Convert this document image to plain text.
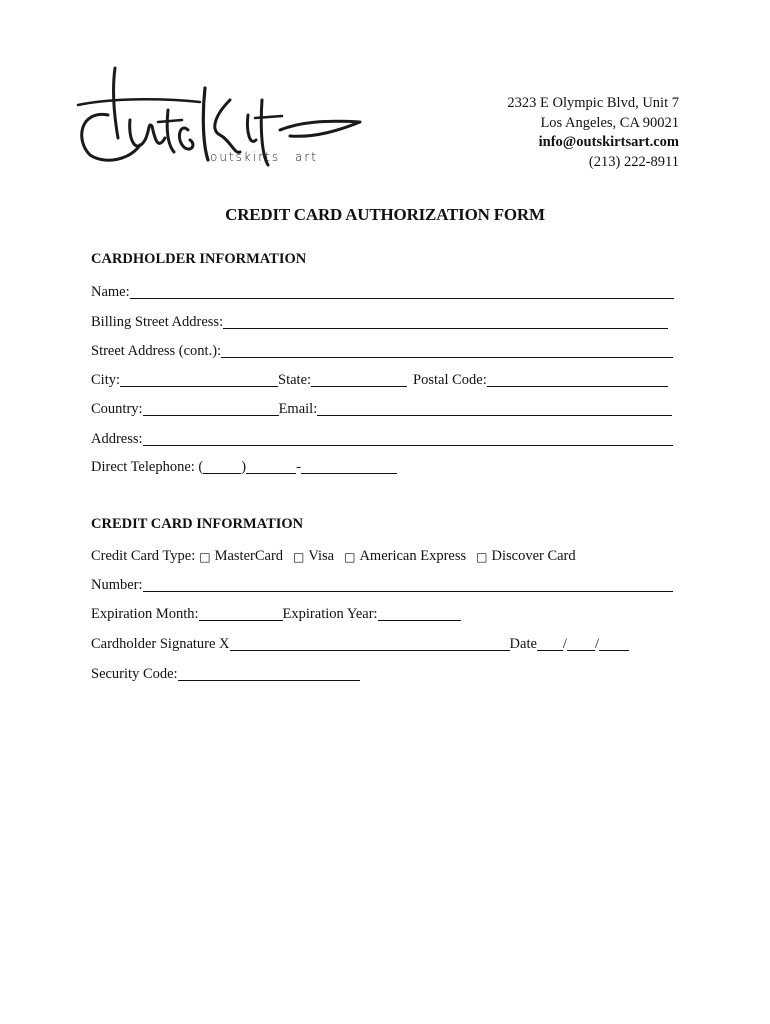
outskirts art
2323 E Olympic Blvd, Unit 7
Los Angeles, CA 90021
info@outskirtsart.com
(213) 222-8911
CREDIT CARD AUTHORIZATION FORM
CARDHOLDER INFORMATION
Name:
Billing Street Address:
Street Address (cont.):
City:	State:	Postal Code:
Country:	Email:
Address:
Direct Telephone: (	)	-
CREDIT CARD INFORMATION
Credit Card Type: □ MasterCard □ Visa □ American Express □ Discover Card
Number:
Expiration Month:	Expiration Year:
Cardholder Signature X	Date / /
Security Code:
